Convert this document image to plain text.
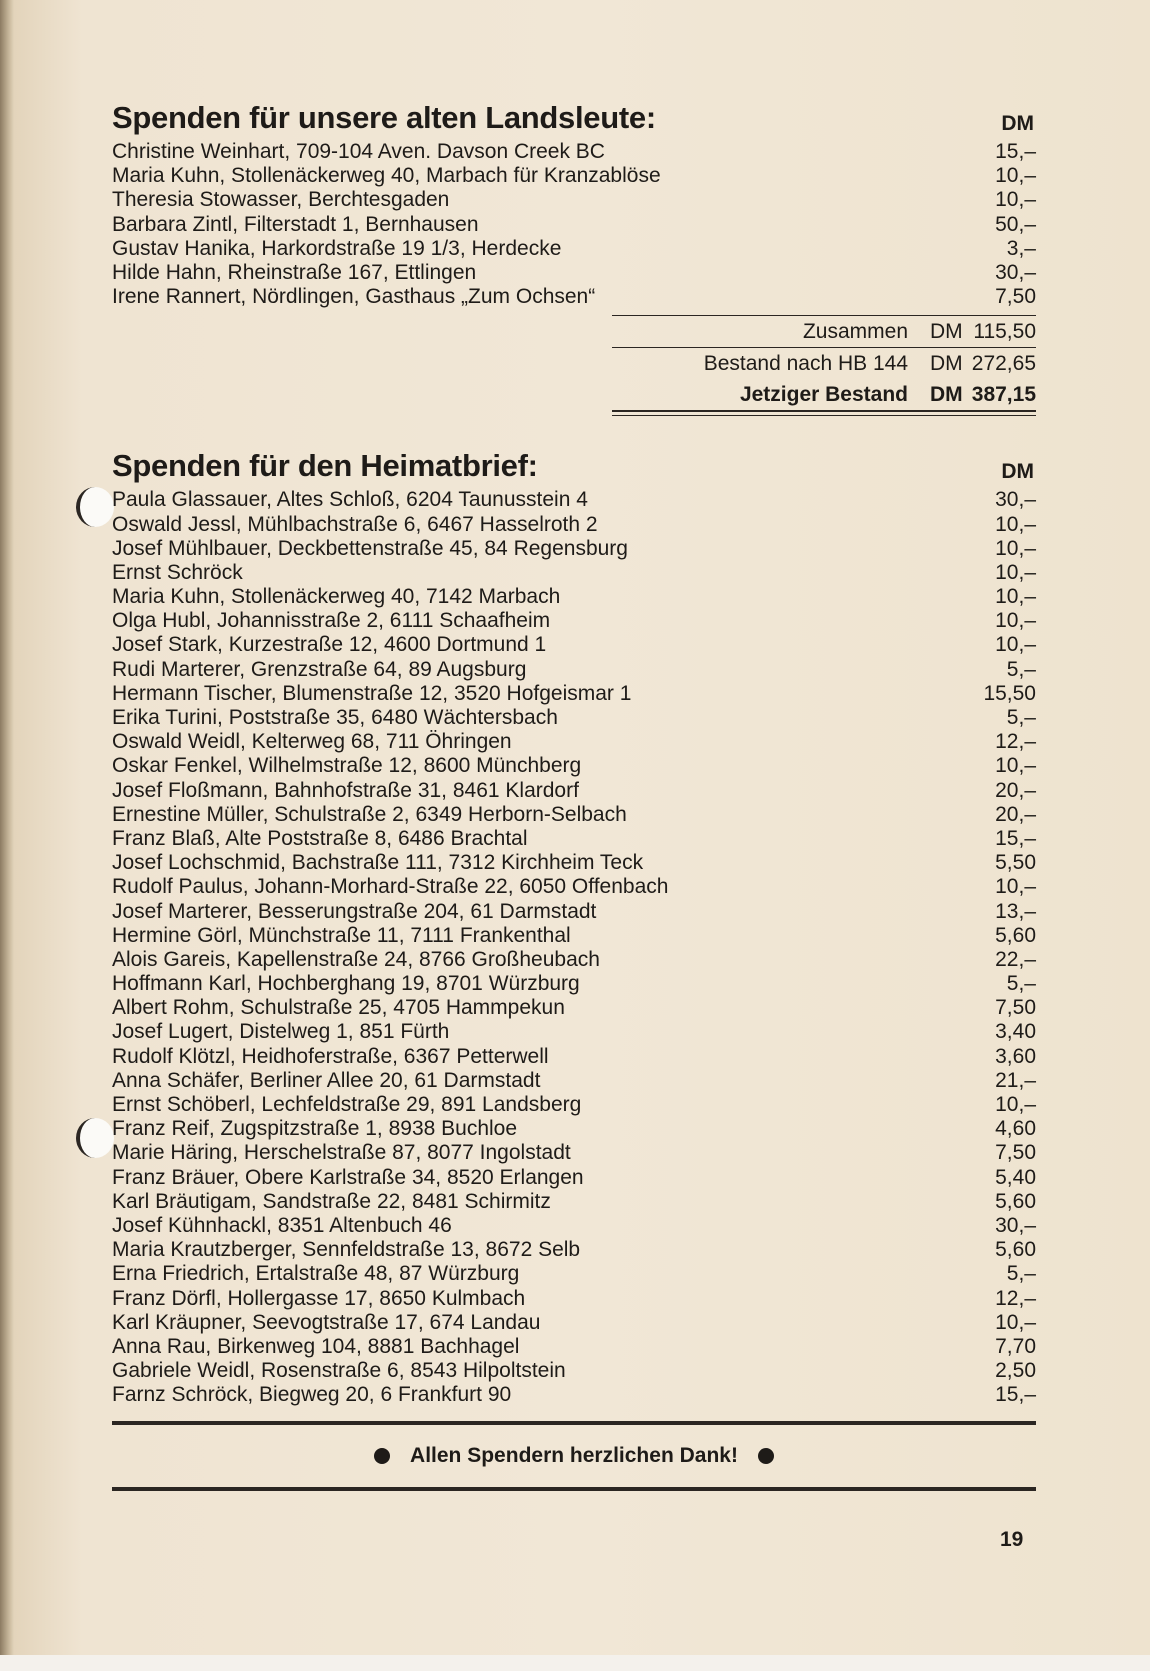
Spenden für unsere alten Landsleute:	DM
Christine Weinhart, 709-104 Aven. Davson Creek BC	15,–
Maria Kuhn, Stollenäckerweg 40, Marbach für Kranzablöse	10,–
Theresia Stowasser, Berchtesgaden	10,–
Barbara Zintl, Filterstadt 1, Bernhausen	50,–
Gustav Hanika, Harkordstraße 19 1/3, Herdecke	3,–
Hilde Hahn, Rheinstraße 167, Ettlingen	30,–
Irene Rannert, Nördlingen, Gasthaus „Zum Ochsen“	7,50
Zusammen	DM 115,50
Bestand nach HB 144	DM 272,65
Jetziger Bestand	DM 387,15
Spenden für den Heimatbrief:	DM
Paula Glassauer, Altes Schloß, 6204 Taunusstein 4	30,–
Oswald Jessl, Mühlbachstraße 6, 6467 Hasselroth 2	10,–
Josef Mühlbauer, Deckbettenstraße 45, 84 Regensburg	10,–
Ernst Schröck	10,–
Maria Kuhn, Stollenäckerweg 40, 7142 Marbach	10,–
Olga Hubl, Johannisstraße 2, 6111 Schaafheim	10,–
Josef Stark, Kurzestraße 12, 4600 Dortmund 1	10,–
Rudi Marterer, Grenzstraße 64, 89 Augsburg	5,–
Hermann Tischer, Blumenstraße 12, 3520 Hofgeismar 1	15,50
Erika Turini, Poststraße 35, 6480 Wächtersbach	5,–
Oswald Weidl, Kelterweg 68, 711 Öhringen	12,–
Oskar Fenkel, Wilhelmstraße 12, 8600 Münchberg	10,–
Josef Floßmann, Bahnhofstraße 31, 8461 Klardorf	20,–
Ernestine Müller, Schulstraße 2, 6349 Herborn-Selbach	20,–
Franz Blaß, Alte Poststraße 8, 6486 Brachtal	15,–
Josef Lochschmid, Bachstraße 111, 7312 Kirchheim Teck	5,50
Rudolf Paulus, Johann-Morhard-Straße 22, 6050 Offenbach	10,–
Josef Marterer, Besserungstraße 204, 61 Darmstadt	13,–
Hermine Görl, Münchstraße 11, 7111 Frankenthal	5,60
Alois Gareis, Kapellenstraße 24, 8766 Großheubach	22,–
Hoffmann Karl, Hochberghang 19, 8701 Würzburg	5,–
Albert Rohm, Schulstraße 25, 4705 Hammpekun	7,50
Josef Lugert, Distelweg 1, 851 Fürth	3,40
Rudolf Klötzl, Heidhoferstraße, 6367 Petterwell	3,60
Anna Schäfer, Berliner Allee 20, 61 Darmstadt	21,–
Ernst Schöberl, Lechfeldstraße 29, 891 Landsberg	10,–
Franz Reif, Zugspitzstraße 1, 8938 Buchloe	4,60
Marie Häring, Herschelstraße 87, 8077 Ingolstadt	7,50
Franz Bräuer, Obere Karlstraße 34, 8520 Erlangen	5,40
Karl Bräutigam, Sandstraße 22, 8481 Schirmitz	5,60
Josef Kühnhackl, 8351 Altenbuch 46	30,–
Maria Krautzberger, Sennfeldstraße 13, 8672 Selb	5,60
Erna Friedrich, Ertalstraße 48, 87 Würzburg	5,–
Franz Dörfl, Hollergasse 17, 8650 Kulmbach	12,–
Karl Kräupner, Seevogtstraße 17, 674 Landau	10,–
Anna Rau, Birkenweg 104, 8881 Bachhagel	7,70
Gabriele Weidl, Rosenstraße 6, 8543 Hilpoltstein	2,50
Farnz Schröck, Biegweg 20, 6 Frankfurt 90	15,–
Allen Spendern herzlichen Dank!
19
